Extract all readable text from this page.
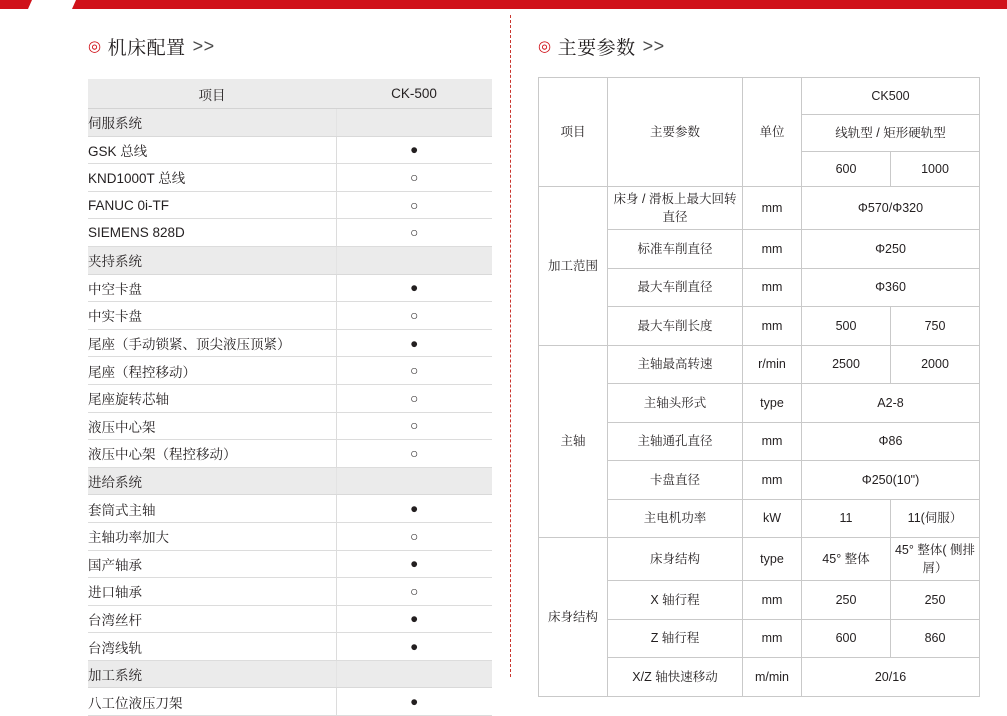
◎ 机床配置 >>
项目	CK-500
伺服系统	
GSK 总线	●
KND1000T 总线	○
FANUC 0i-TF	○
SIEMENS 828D	○
夹持系统	
中空卡盘	●
中实卡盘	○
尾座（手动锁紧、顶尖液压顶紧）	●
尾座（程控移动）	○
尾座旋转芯轴	○
液压中心架	○
液压中心架（程控移动）	○
进给系统	
套筒式主轴	●
主轴功率加大	○
国产轴承	●
进口轴承	○
台湾丝杆	●
台湾线轨	●
加工系统	
八工位液压刀架	●
◎ 主要参数 >>
项目	主要参数	单位	CK500	
			线轨型 / 矩形硬轨型	
			600	1000
加工范围	床身 / 滑板上最大回转直径	mm	Φ570/Φ320	
	标准车削直径	mm	Φ250	
	最大车削直径	mm	Φ360	
	最大车削长度	mm	500	750
主轴	主轴最高转速	r/min	2500	2000
	主轴头形式	type	A2-8	
	主轴通孔直径	mm	Φ86	
	卡盘直径	mm	Φ250(10")	
	主电机功率	kW	11	11(伺服）
床身结构	床身结构	type	45° 整体	45° 整体( 侧排屑）
	X 轴行程	mm	250	250
	Z 轴行程	mm	600	860
	X/Z 轴快速移动	m/min	20/16	
